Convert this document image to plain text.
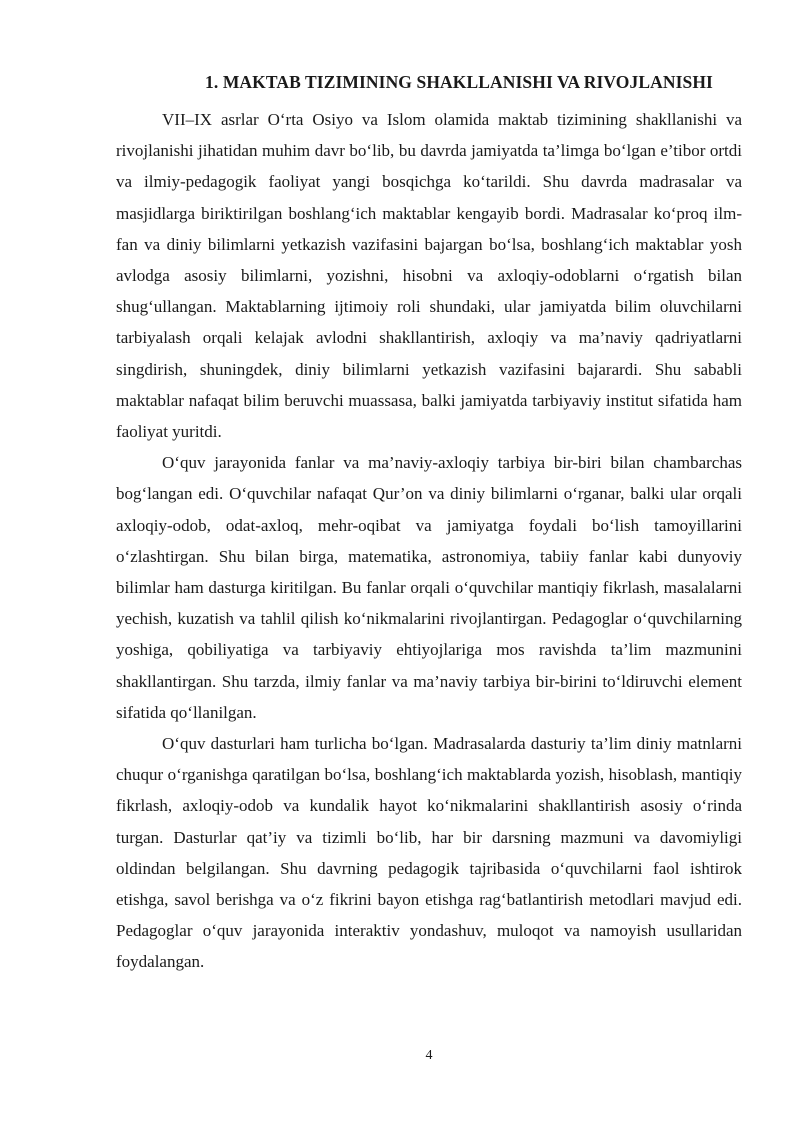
1. MAKTAB TIZIMINING SHAKLLANISHI VA RIVOJLANISHI

VII–IX asrlar O‘rta Osiyo va Islom olamida maktab tizimining shakllanishi va rivojlanishi jihatidan muhim davr bo‘lib, bu davrda jamiyatda ta’limga bo‘lgan e’tibor ortdi va ilmiy-pedagogik faoliyat yangi bosqichga ko‘tarildi. Shu davrda madrasalar va masjidlarga biriktirilgan boshlang‘ich maktablar kengayib bordi. Madrasalar ko‘proq ilm-fan va diniy bilimlarni yetkazish vazifasini bajargan bo‘lsa, boshlang‘ich maktablar yosh avlodga asosiy bilimlarni, yozishni, hisobni va axloqiy-odoblarni o‘rgatish bilan shug‘ullangan. Maktablarning ijtimoiy roli shundaki, ular jamiyatda bilim oluvchilarni tarbiyalash orqali kelajak avlodni shakllantirish, axloqiy va ma’naviy qadriyatlarni singdirish, shuningdek, diniy bilimlarni yetkazish vazifasini bajarardi. Shu sababli maktablar nafaqat bilim beruvchi muassasa, balki jamiyatda tarbiyaviy institut sifatida ham faoliyat yuritdi.

O‘quv jarayonida fanlar va ma’naviy-axloqiy tarbiya bir-biri bilan chambarchas bog‘langan edi. O‘quvchilar nafaqat Qur’on va diniy bilimlarni o‘rganar, balki ular orqali axloqiy-odob, odat-axloq, mehr-oqibat va jamiyatga foydali bo‘lish tamoyillarini o‘zlashtirgan. Shu bilan birga, matematika, astronomiya, tabiiy fanlar kabi dunyoviy bilimlar ham dasturga kiritilgan. Bu fanlar orqali o‘quvchilar mantiqiy fikrlash, masalalarni yechish, kuzatish va tahlil qilish ko‘nikmalarini rivojlantirgan. Pedagoglar o‘quvchilarning yoshiga, qobiliyatiga va tarbiyaviy ehtiyojlariga mos ravishda ta’lim mazmunini shakllantirgan. Shu tarzda, ilmiy fanlar va ma’naviy tarbiya bir-birini to‘ldiruvchi element sifatida qo‘llanilgan.

O‘quv dasturlari ham turlicha bo‘lgan. Madrasalarda dasturiy ta’lim diniy matnlarni chuqur o‘rganishga qaratilgan bo‘lsa, boshlang‘ich maktablarda yozish, hisoblash, mantiqiy fikrlash, axloqiy-odob va kundalik hayot ko‘nikmalarini shakllantirish asosiy o‘rinda turgan. Dasturlar qat’iy va tizimli bo‘lib, har bir darsning mazmuni va davomiyligi oldindan belgilangan. Shu davrning pedagogik tajribasida o‘quvchilarni faol ishtirok etishga, savol berishga va o‘z fikrini bayon etishga rag‘batlantirish metodlari mavjud edi. Pedagoglar o‘quv jarayonida interaktiv yondashuv, muloqot va namoyish usullaridan foydalangan.

4
